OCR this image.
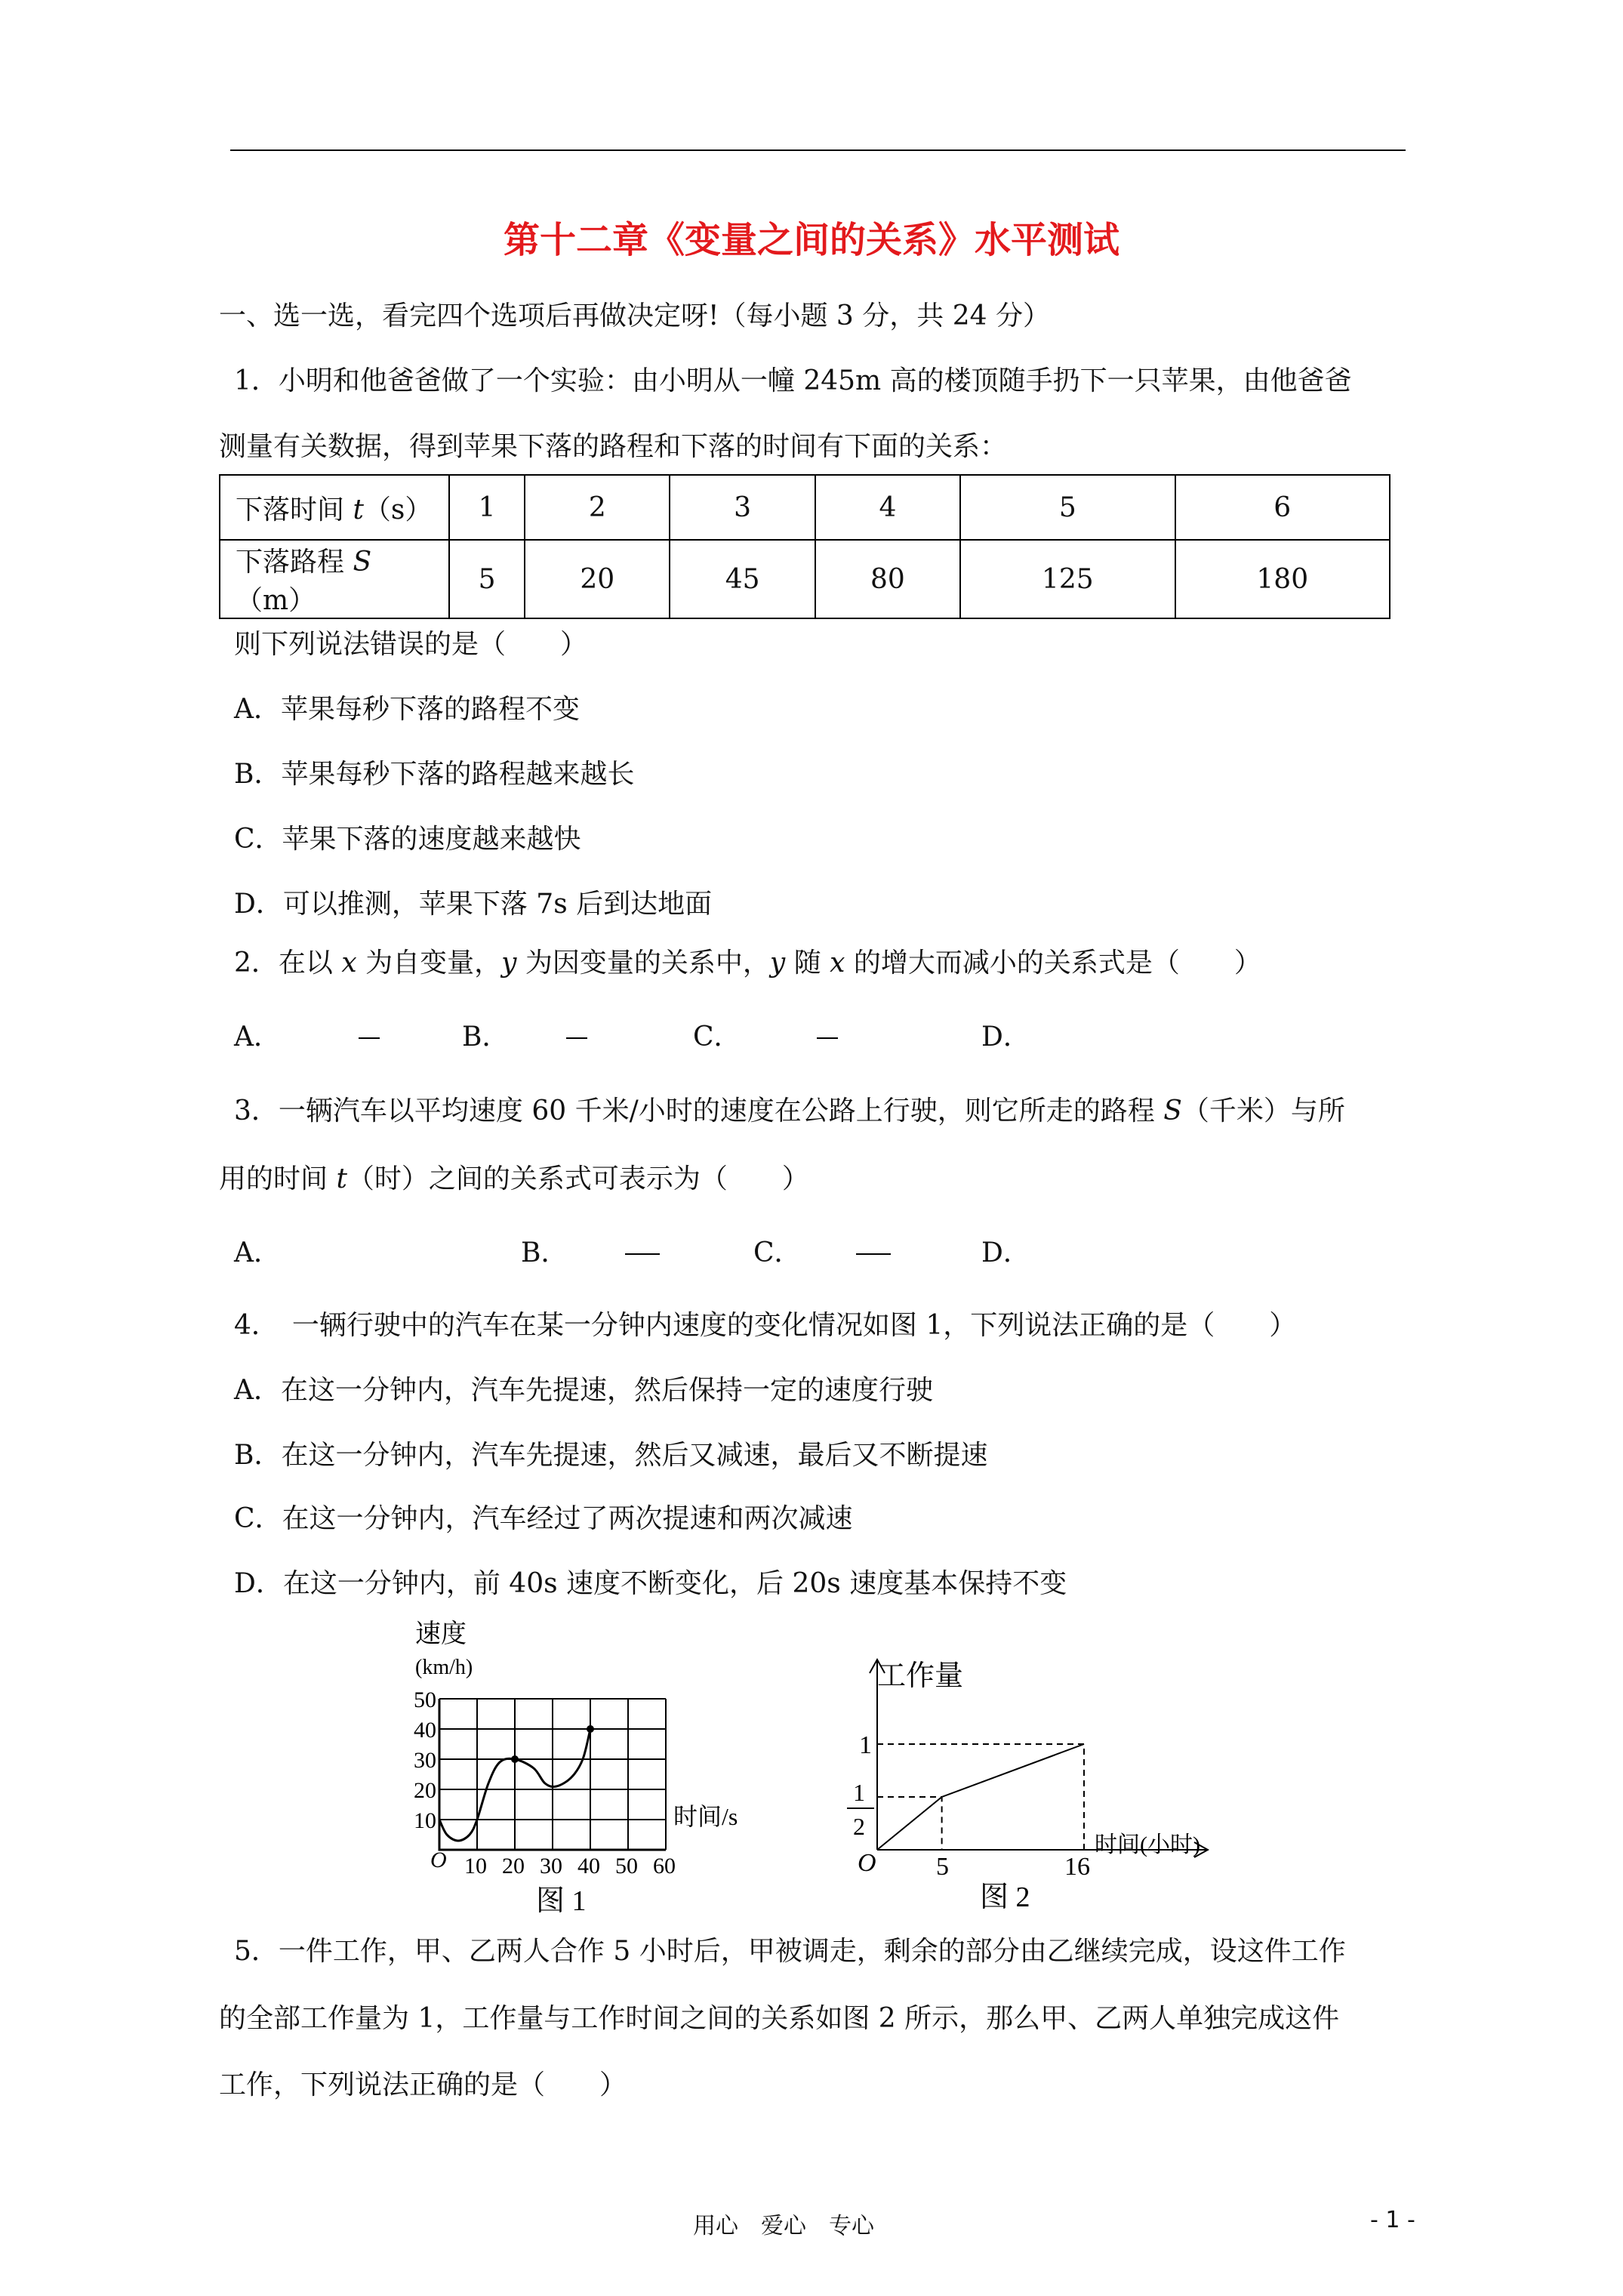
第十二章《变量之间的关系》水平测试
一、选一选，看完四个选项后再做决定呀!（每小题 3 分，共 24 分）
1．小明和他爸爸做了一个实验：由小明从一幢 245m 高的楼顶随手扔下一只苹果，由他爸爸
测量有关数据，得到苹果下落的路程和下落的时间有下面的关系：
下落时间 t（s）	1	2	3	4	5	6
下落路程 S（m）	5	20	45	80	125	180
则下列说法错误的是（　　）
A．苹果每秒下落的路程不变
B．苹果每秒下落的路程越来越长
C．苹果下落的速度越来越快
D．可以推测，苹果下落 7s 后到达地面
2．在以 x 为自变量，y 为因变量的关系中，y 随 x 的增大而减小的关系式是（　　）
A．	B．	C．	D．
3．一辆汽车以平均速度 60 千米/小时的速度在公路上行驶，则它所走的路程 S（千米）与所
用的时间 t（时）之间的关系式可表示为（　　）
A．	B．	C．	D．
4．　一辆行驶中的汽车在某一分钟内速度的变化情况如图 1，下列说法正确的是（　　）
A．在这一分钟内，汽车先提速，然后保持一定的速度行驶
B．在这一分钟内，汽车先提速，然后又减速，最后又不断提速
C．在这一分钟内，汽车经过了两次提速和两次减速
D．在这一分钟内，前 40s 速度不断变化，后 20s 速度基本保持不变
速度
(km/h)
时间/s
O
10
20
30
40
50
10 20 30 40 50 60
图 1
工作量
时间(小时)
O
1
1
2
5	16
图 2
5．一件工作，甲、乙两人合作 5 小时后，甲被调走，剩余的部分由乙继续完成，设这件工作
的全部工作量为 1，工作量与工作时间之间的关系如图 2 所示，那么甲、乙两人单独完成这件
工作，下列说法正确的是（　　）
用心　爱心　专心	- 1 -
